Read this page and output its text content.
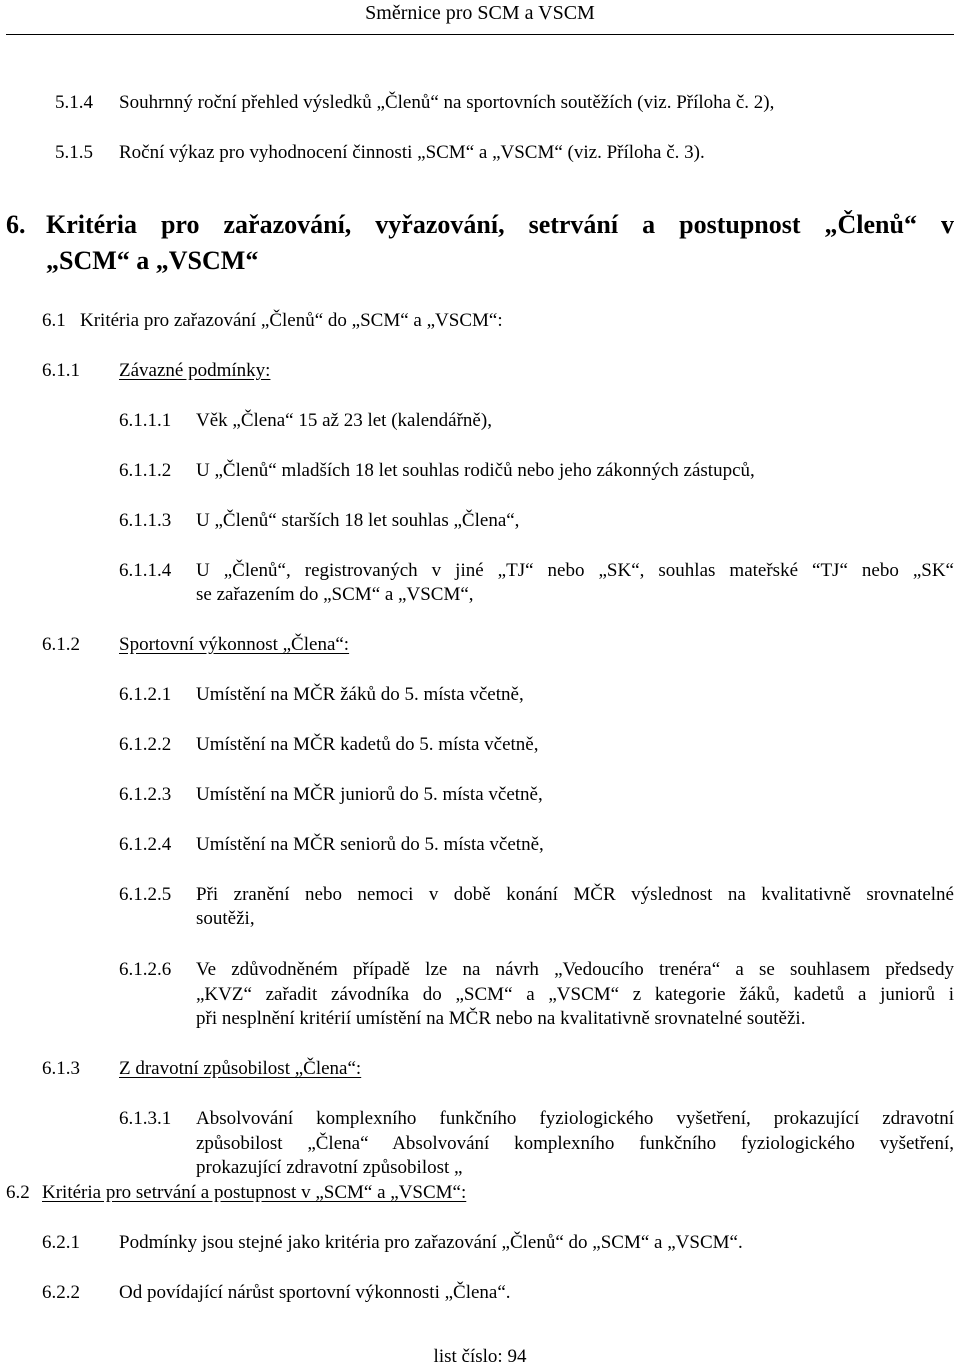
Směrnice pro SCM a VSCM
5.1.4 Souhrnný roční přehled výsledků „Členů“ na sportovních soutěžích (viz. Příloha č. 2),
5.1.5 Roční výkaz pro vyhodnocení činnosti „SCM“ a „VSCM“ (viz. Příloha č. 3).
6. Kritéria pro zařazování, vyřazování, setrvání a postupnost „Členů“ v
„SCM“ a „VSCM“
6.1 Kritéria pro zařazování „Členů“ do „SCM“ a „VSCM“:
6.1.1 Závazné podmínky:
6.1.1.1 Věk „Člena“ 15 až 23 let (kalendářně),
6.1.1.2 U „Členů“ mladších 18 let souhlas rodičů nebo jeho zákonných zástupců,
6.1.1.3 U „Členů“ starších 18 let souhlas „Člena“,
6.1.1.4 U „Členů“, registrovaných v jiné „TJ“ nebo „SK“, souhlas mateřské “TJ“ nebo „SK“
se zařazením do „SCM“ a „VSCM“,
6.1.2 Sportovní výkonnost „Člena“:
6.1.2.1 Umístění na MČR žáků do 5. místa včetně,
6.1.2.2 Umístění na MČR kadetů do 5. místa včetně,
6.1.2.3 Umístění na MČR juniorů do 5. místa včetně,
6.1.2.4 Umístění na MČR seniorů do 5. místa včetně,
6.1.2.5 Při zranění nebo nemoci v době konání MČR výslednost na kvalitativně srovnatelné
soutěži,
6.1.2.6 Ve zdůvodněném případě lze na návrh „Vedoucího trenéra“ a se souhlasem předsedy
„KVZ“ zařadit závodníka do „SCM“ a „VSCM“ z kategorie žáků, kadetů a juniorů i
při nesplnění kritérií umístění na MČR nebo na kvalitativně srovnatelné soutěži.
6.1.3 Z dravotní způsobilost „Člena“:
6.1.3.1 Absolvování komplexního funkčního fyziologického vyšetření, prokazující zdravotní
způsobilost „Člena“ Absolvování komplexního funkčního fyziologického vyšetření,
prokazující zdravotní způsobilost „
6.2 Kritéria pro setrvání a postupnost v „SCM“ a „VSCM“:
6.2.1 Podmínky jsou stejné jako kritéria pro zařazování „Členů“ do „SCM“ a „VSCM“.
6.2.2 Od povídající nárůst sportovní výkonnosti „Člena“.
list číslo: 94
